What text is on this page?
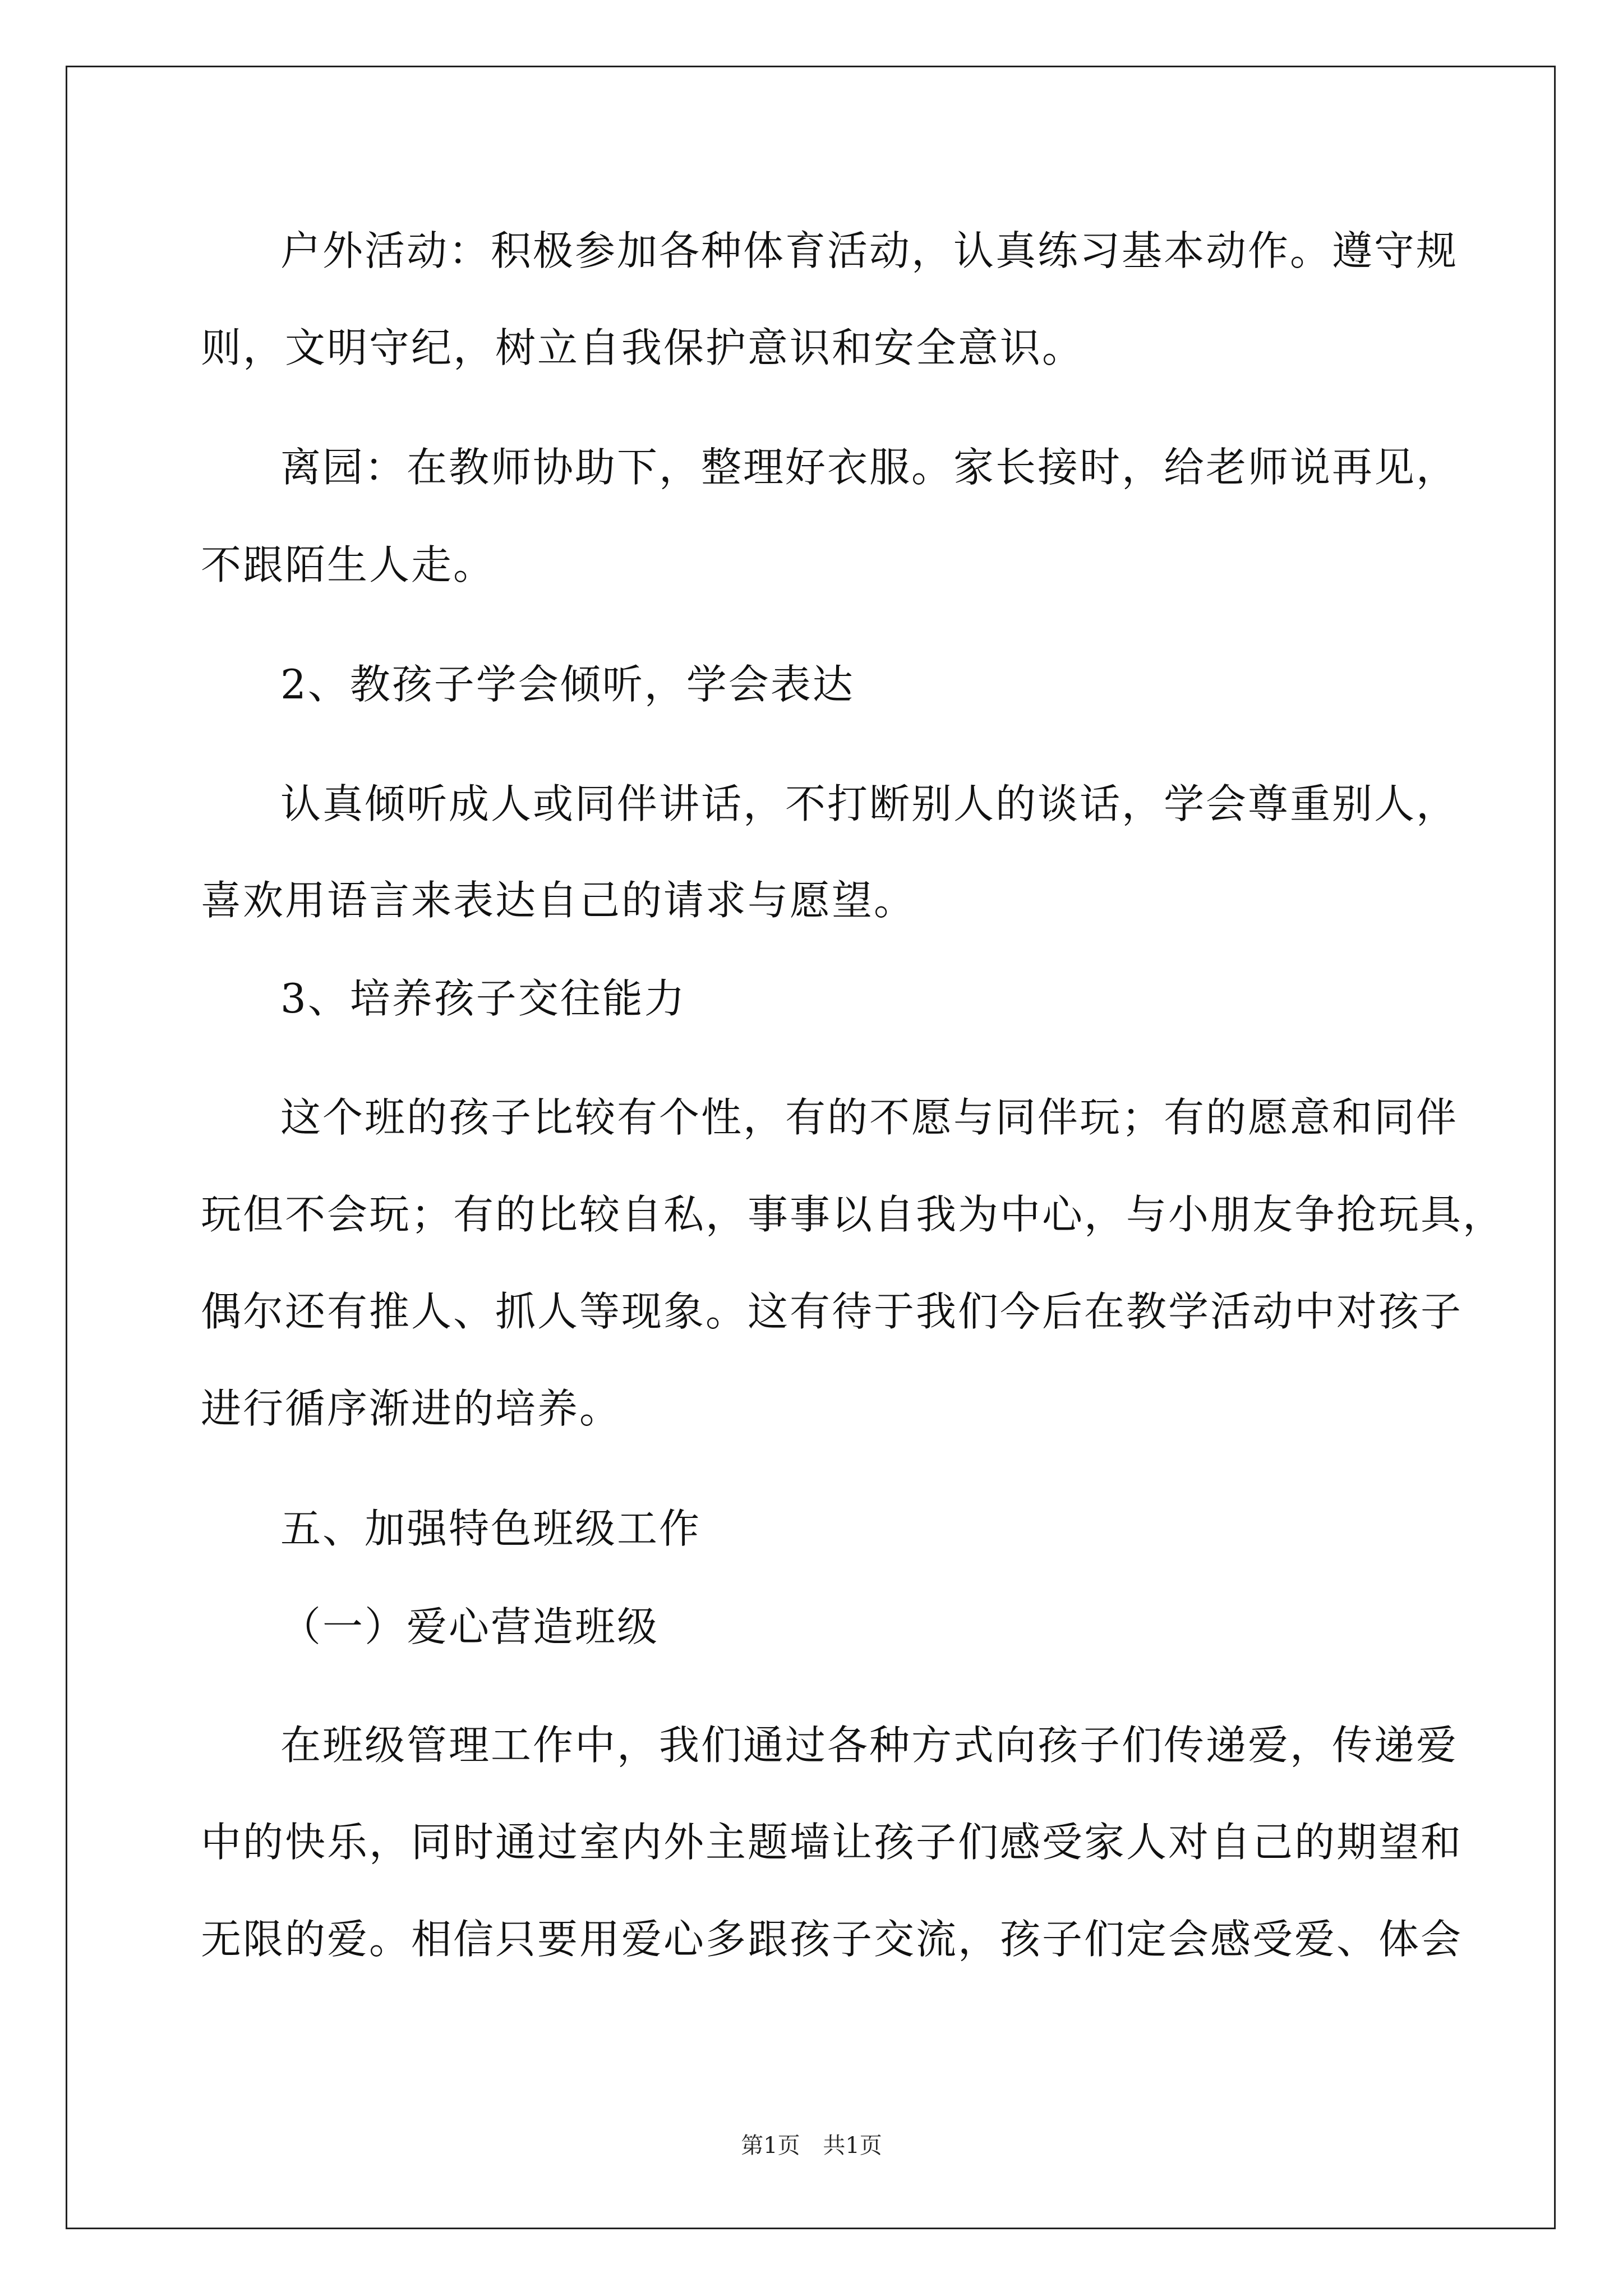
户外活动：积极参加各种体育活动，认真练习基本动作。遵守规
则，文明守纪，树立自我保护意识和安全意识。
离园：在教师协助下，整理好衣服。家长接时，给老师说再见，
不跟陌生人走。
2、教孩子学会倾听，学会表达
认真倾听成人或同伴讲话，不打断别人的谈话，学会尊重别人，
喜欢用语言来表达自己的请求与愿望。
3、培养孩子交往能力
这个班的孩子比较有个性，有的不愿与同伴玩；有的愿意和同伴
玩但不会玩；有的比较自私，事事以自我为中心，与小朋友争抢玩具，
偶尔还有推人、抓人等现象。这有待于我们今后在教学活动中对孩子
进行循序渐进的培养。
五、加强特色班级工作
（一）爱心营造班级
在班级管理工作中，我们通过各种方式向孩子们传递爱，传递爱
中的快乐，同时通过室内外主题墙让孩子们感受家人对自己的期望和
无限的爱。相信只要用爱心多跟孩子交流，孩子们定会感受爱、体会
第1页 共1页
